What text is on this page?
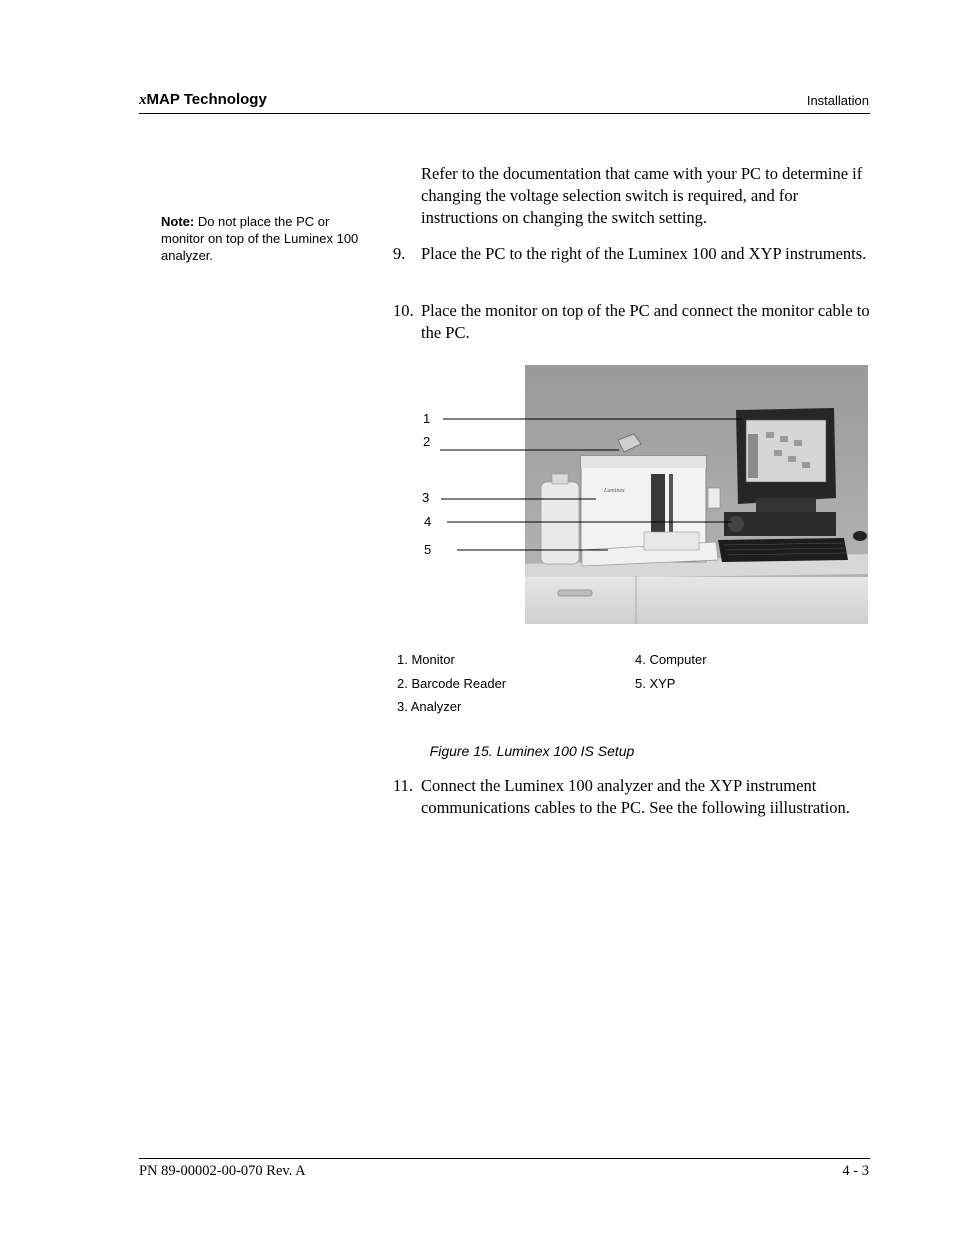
xMAP Technology	Installation
Note: Do not place the PC or monitor on top of the Luminex 100 analyzer.
Refer to the documentation that came with your PC to determine if changing the voltage selection switch is required, and for instructions on changing the switch setting.
9. Place the PC to the right of the Luminex 100 and XYP instruments.
10. Place the monitor on top of the PC and connect the monitor cable to the PC.
1
2
3
4
5
Luminex
1. Monitor
2. Barcode Reader
3. Analyzer
4. Computer
5. XYP
Figure 15. Luminex 100 IS Setup
11. Connect the Luminex 100 analyzer and the XYP instrument communications cables to the PC. See the following iillustration.
PN 89-00002-00-070 Rev. A	4 - 3
